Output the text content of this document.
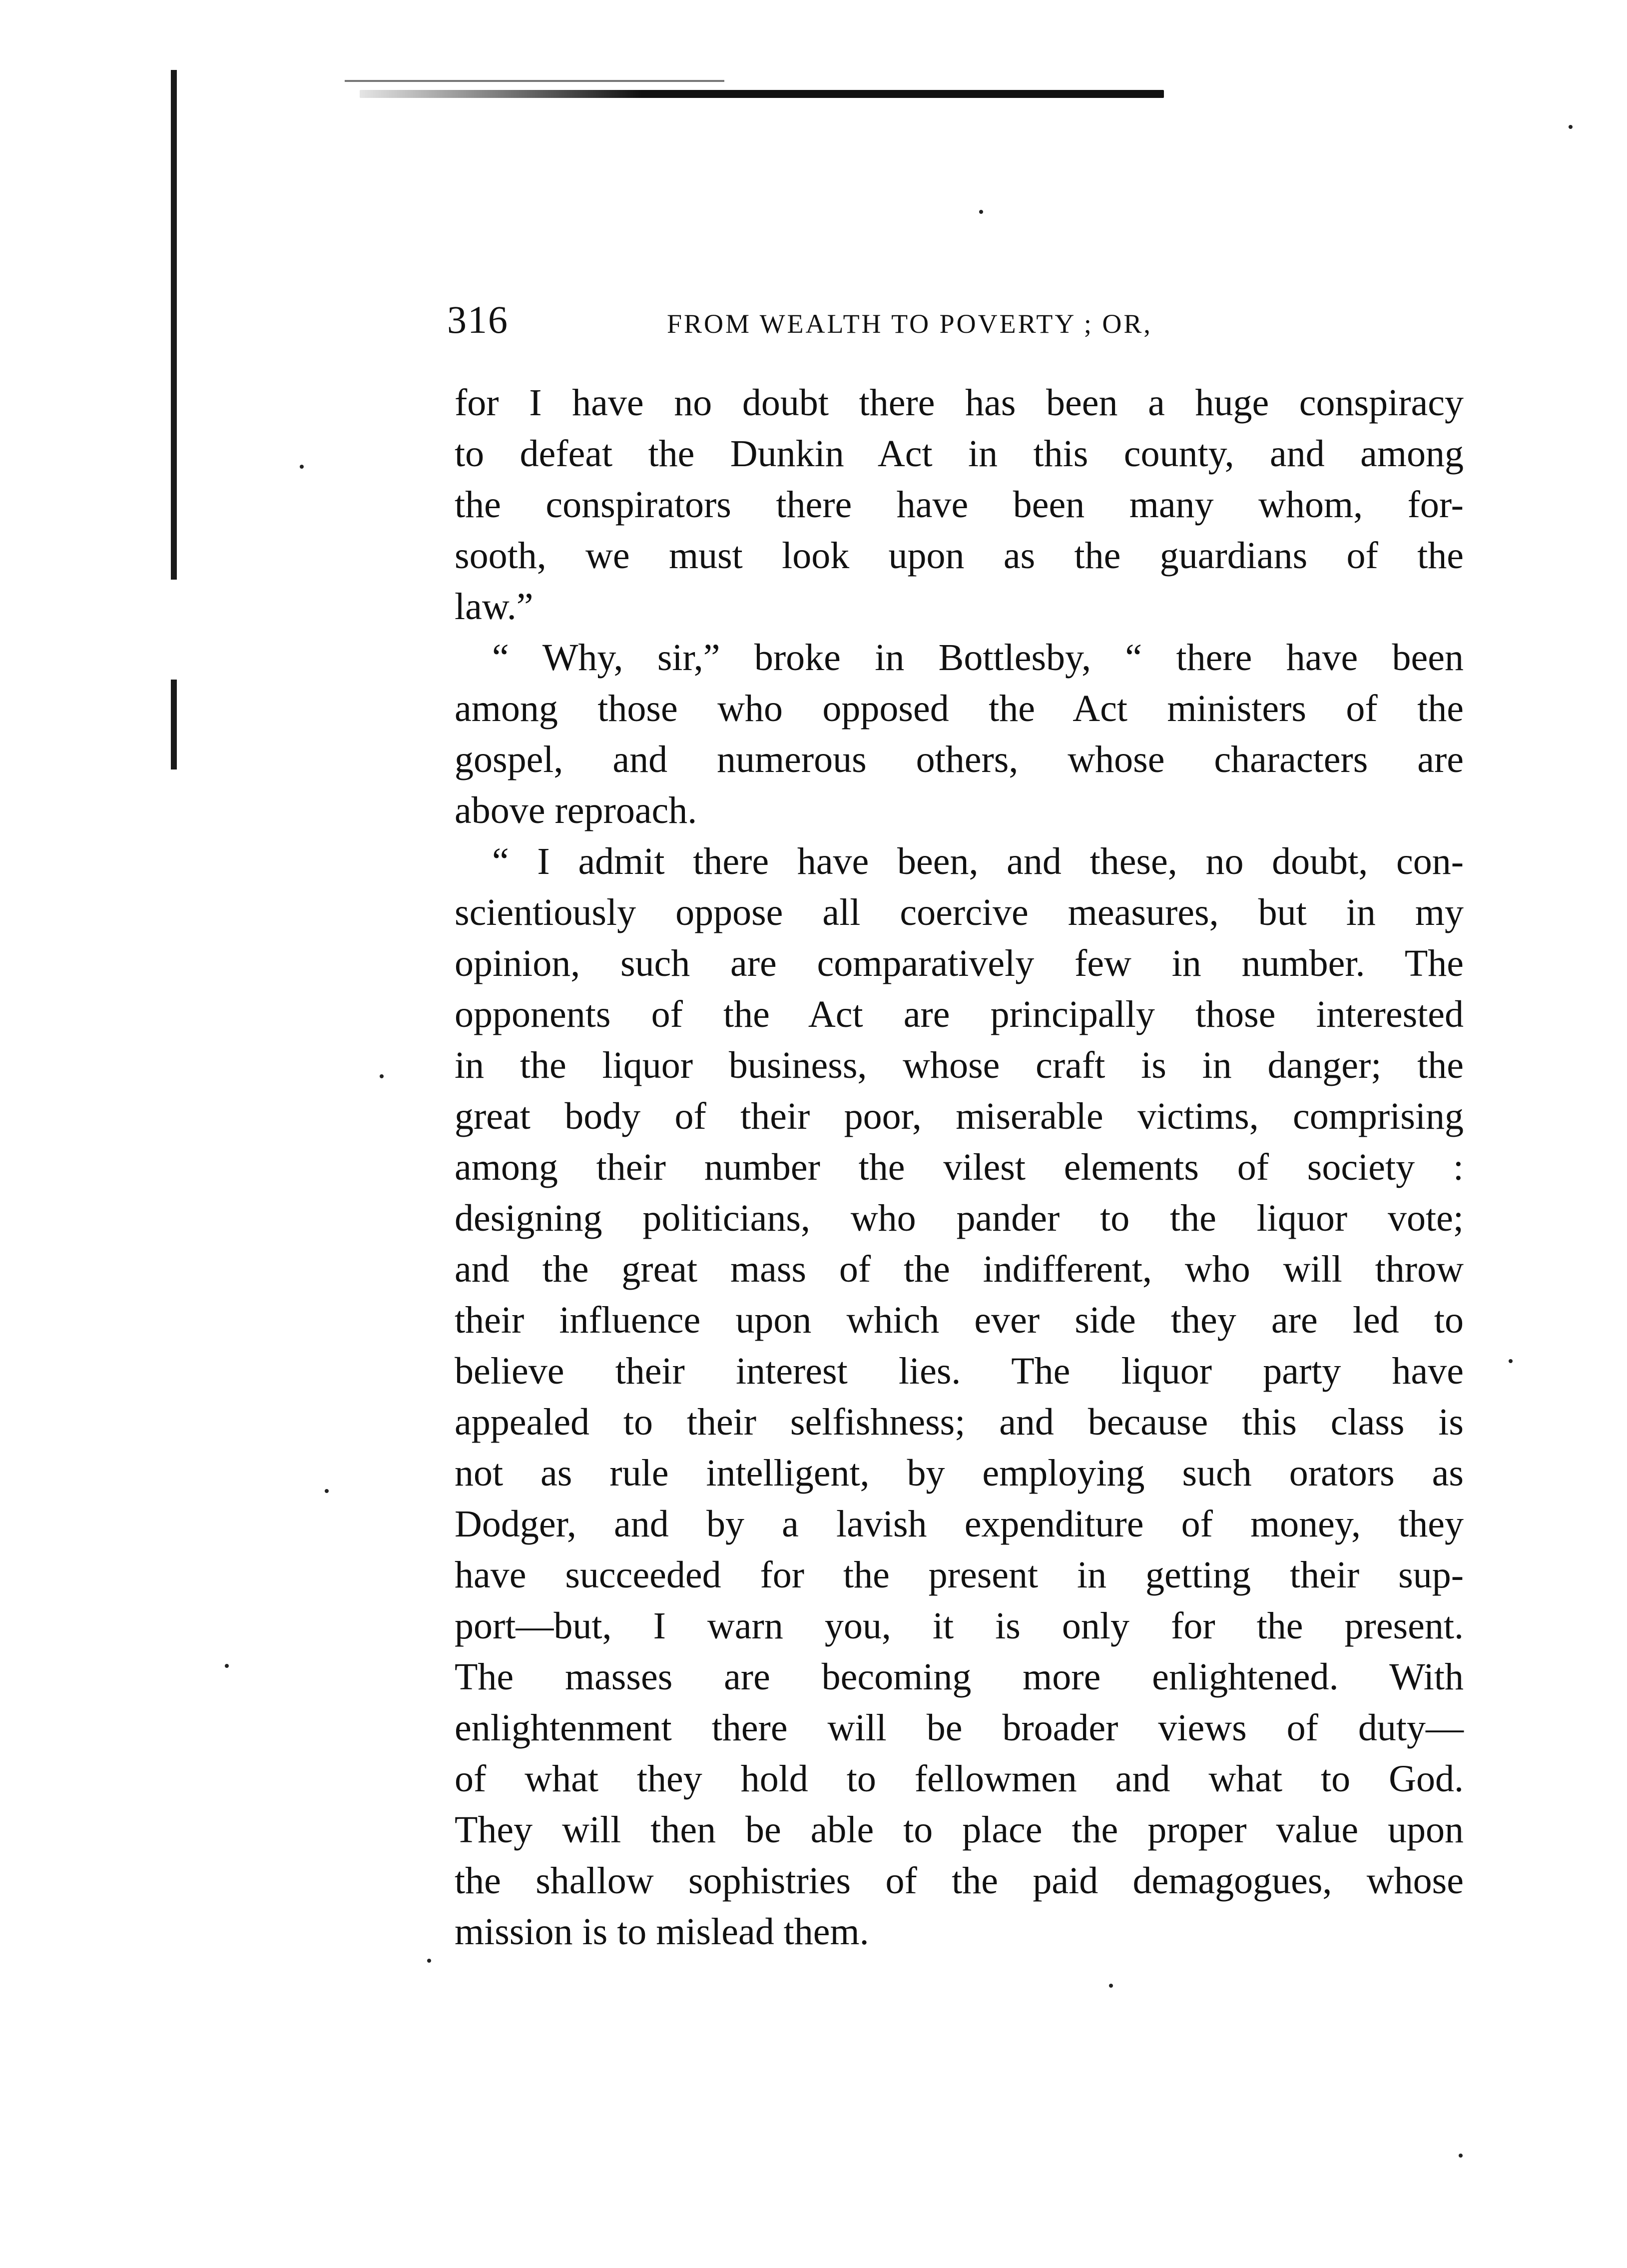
316	FROM WEALTH TO POVERTY ; OR,
for I have no doubt there has been a huge conspiracy
to defeat the Dunkin Act in this county, and among
the conspirators there have been many whom, for-
sooth, we must look upon as the guardians of the
law.”
“ Why, sir,” broke in Bottlesby, “ there have been
among those who opposed the Act ministers of the
gospel, and numerous others, whose characters are
above reproach.
“ I admit there have been, and these, no doubt, con-
scientiously oppose all coercive measures, but in my
opinion, such are comparatively few in number. The
opponents of the Act are principally those interested
in the liquor business, whose craft is in danger; the
great body of their poor, miserable victims, comprising
among their number the vilest elements of society :
designing politicians, who pander to the liquor vote;
and the great mass of the indifferent, who will throw
their influence upon which ever side they are led to
believe their interest lies. The liquor party have
appealed to their selfishness; and because this class is
not as rule intelligent, by employing such orators as
Dodger, and by a lavish expenditure of money, they
have succeeded for the present in getting their sup-
port—but, I warn you, it is only for the present.
The masses are becoming more enlightened. With
enlightenment there will be broader views of duty—
of what they hold to fellowmen and what to God.
They will then be able to place the proper value upon
the shallow sophistries of the paid demagogues, whose
mission is to mislead them.
